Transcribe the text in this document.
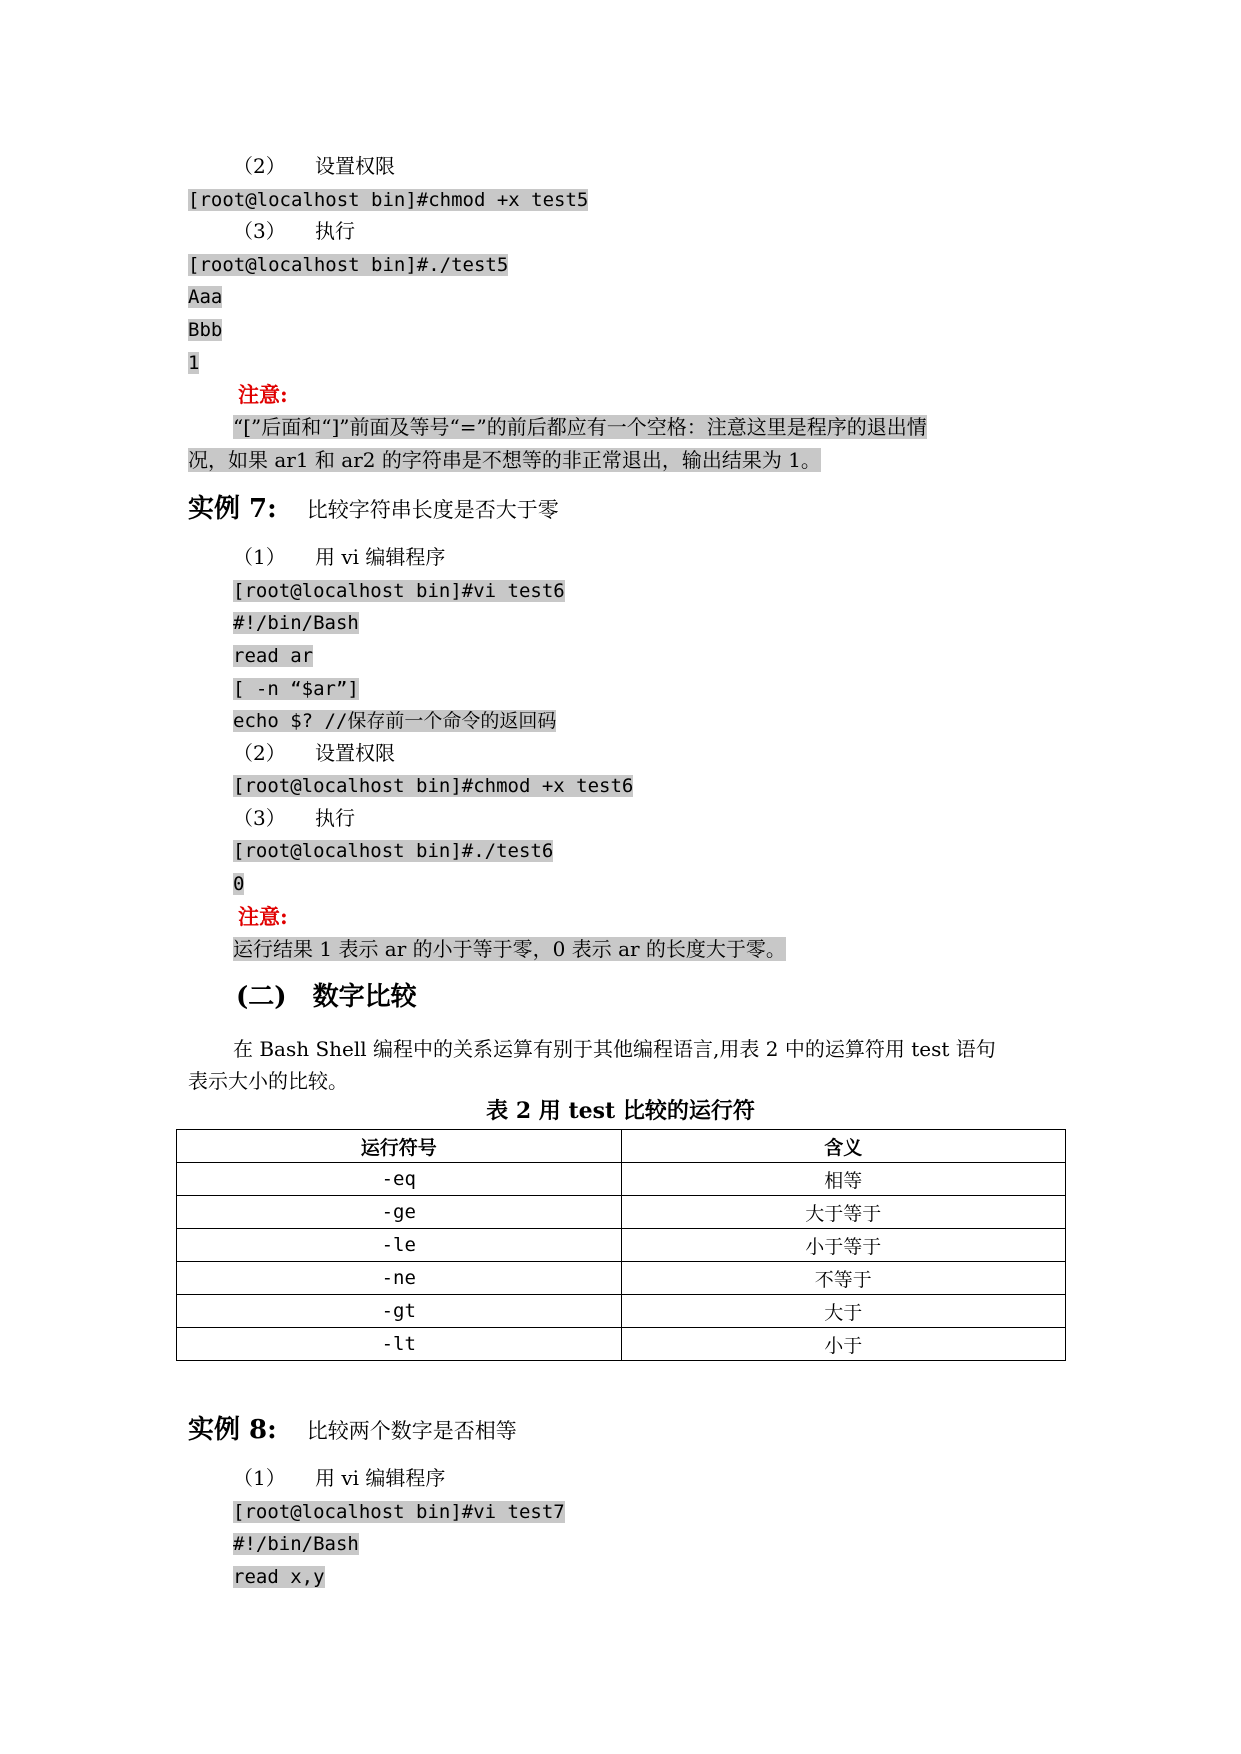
（2） 设置权限
[root@localhost bin]#chmod +x test5
（3） 执行
[root@localhost bin]#./test5
Aaa
Bbb
1
注意:
“[”后面和“]”前面及等号“=”的前后都应有一个空格：注意这里是程序的退出情
况，如果 ar1 和 ar2 的字符串是不想等的非正常退出，输出结果为 1。
实例 7: 比较字符串长度是否大于零
（1） 用 vi 编辑程序
[root@localhost bin]#vi test6
#!/bin/Bash
read ar
[ -n “$ar”]
echo $? //保存前一个命令的返回码
（2） 设置权限
[root@localhost bin]#chmod +x test6
（3） 执行
[root@localhost bin]#./test6
0
注意:
运行结果 1 表示 ar 的小于等于零，0 表示 ar 的长度大于零。
(二)　数字比较
在 Bash Shell 编程中的关系运算有别于其他编程语言,用表 2 中的运算符用 test 语句
表示大小的比较。
表 2 用 test 比较的运行符
运行符号	含义
-eq	相等
-ge	大于等于
-le	小于等于
-ne	不等于
-gt	大于
-lt	小于
实例 8: 比较两个数字是否相等
（1） 用 vi 编辑程序
[root@localhost bin]#vi test7
#!/bin/Bash
read x,y
